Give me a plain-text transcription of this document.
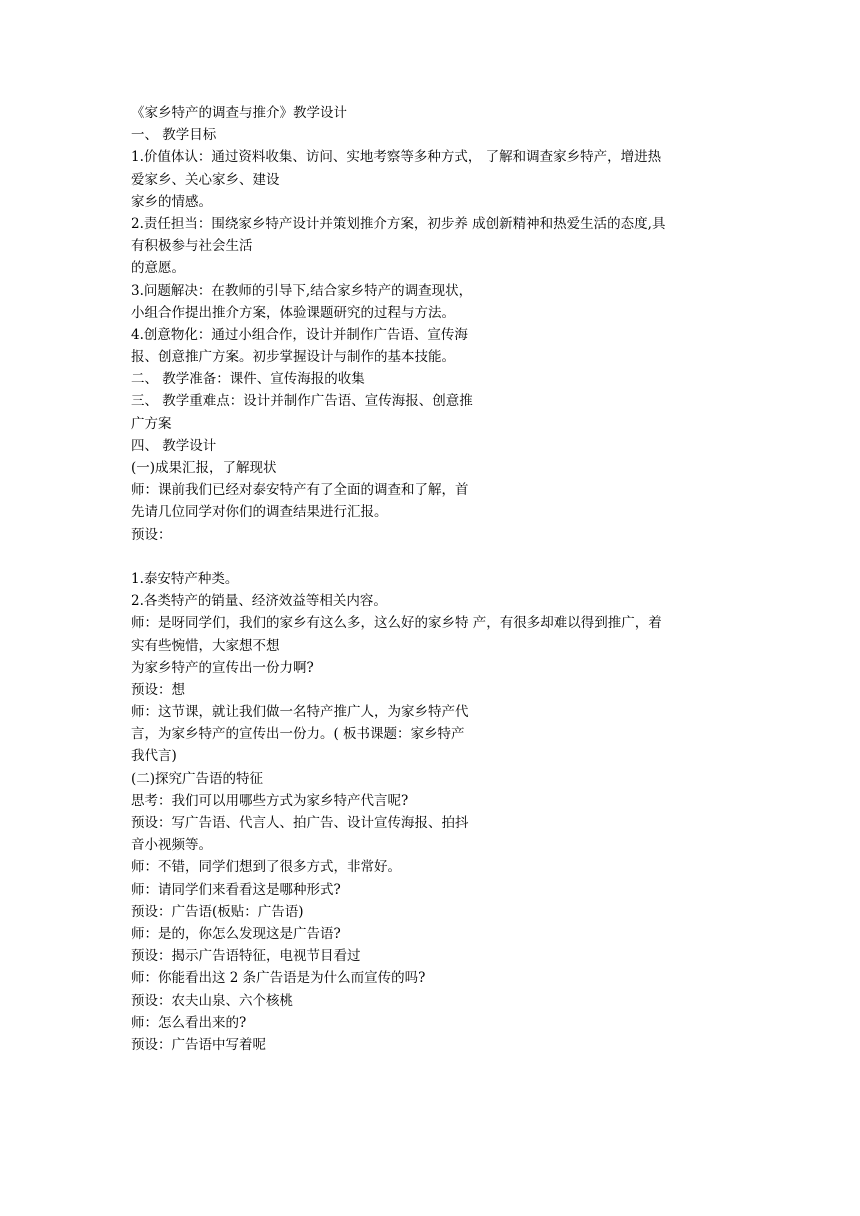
《家乡特产的调查与推介》教学设计
一、 教学目标
1.价值体认：通过资料收集、访问、实地考察等多种方式， 了解和调查家乡特产，增进热
爱家乡、关心家乡、建设
家乡的情感。
2.责任担当：围绕家乡特产设计并策划推介方案，初步养 成创新精神和热爱生活的态度,具
有积极参与社会生活
的意愿。
3.问题解决：在教师的引导下,结合家乡特产的调查现状，
小组合作提出推介方案，体验课题研究的过程与方法。
4.创意物化：通过小组合作，设计并制作广告语、宣传海
报、创意推广方案。初步掌握设计与制作的基本技能。
二、 教学准备：课件、宣传海报的收集
三、 教学重难点：设计并制作广告语、宣传海报、创意推
广方案
四、 教学设计
(一)成果汇报，了解现状
师：课前我们已经对泰安特产有了全面的调查和了解，首
先请几位同学对你们的调查结果进行汇报。
预设：
1.泰安特产种类。
2.各类特产的销量、经济效益等相关内容。
师：是呀同学们，我们的家乡有这么多，这么好的家乡特 产，有很多却难以得到推广，着
实有些惋惜，大家想不想
为家乡特产的宣传出一份力啊?
预设：想
师：这节课，就让我们做一名特产推广人，为家乡特产代
言，为家乡特产的宣传出一份力。( 板书课题：家乡特产
我代言)
(二)探究广告语的特征
思考：我们可以用哪些方式为家乡特产代言呢?
预设：写广告语、代言人、拍广告、设计宣传海报、拍抖
音小视频等。
师：不错，同学们想到了很多方式，非常好。
师：请同学们来看看这是哪种形式?
预设：广告语(板贴：广告语)
师：是的，你怎么发现这是广告语?
预设：揭示广告语特征，电视节目看过
师：你能看出这 2 条广告语是为什么而宣传的吗?
预设：农夫山泉、六个核桃
师：怎么看出来的?
预设：广告语中写着呢
